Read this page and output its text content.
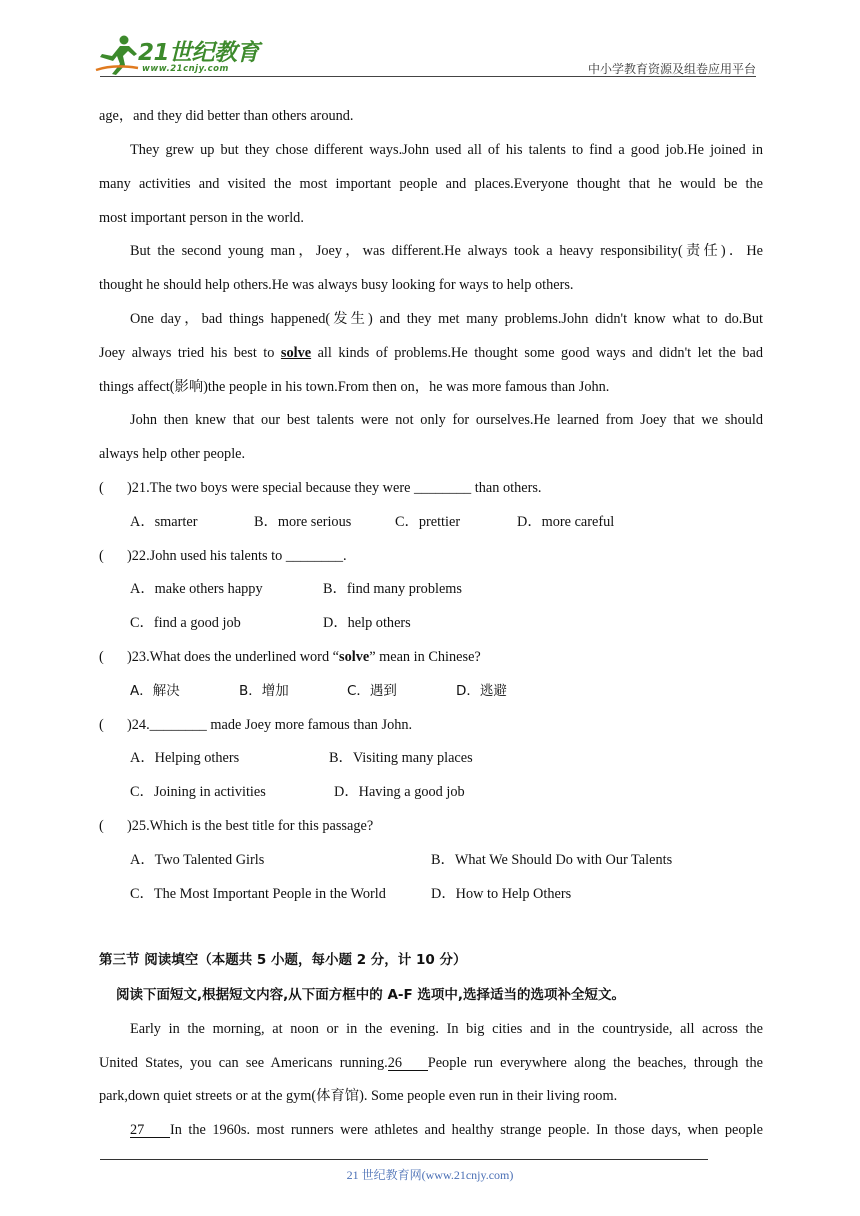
21世纪教育
www.21cnjy.com	中小学教育资源及组卷应用平台
age，and they did better than others around.
They grew up but they chose different ways.John used all of his talents to find a good job.He joined in
many activities and visited the most important people and places.Everyone thought that he would be the
most important person in the world.
But the second young man，Joey，was different.He always took a heavy responsibility(责任)．He
thought he should help others.He was always busy looking for ways to help others.
One day，bad things happened(发生) and they met many problems.John didn't know what to do.But
Joey always tried his best to solve all kinds of problems.He thought some good ways and didn't let the bad
things affect(影响)the people in his town.From then on，he was more famous than John.
John then knew that our best talents were not only for ourselves.He learned from Joey that we should
always help other people.
( )21.The two boys were special because they were ________ than others.
A．smarter	B．more serious	C．prettier	D．more careful
( )22.John used his talents to ________.
A．make others happy	B．find many problems
C．find a good job	D．help others
( )23.What does the underlined word “solve” mean in Chinese?
A．解决	B．增加	C．遇到	D．逃避
( )24.________ made Joey more famous than John.
A．Helping others	B．Visiting many places
C．Joining in activities	D．Having a good job
( )25.Which is the best title for this passage?
A．Two Talented Girls	B．What We Should Do with Our Talents
C．The Most Important People in the World	D．How to Help Others
第三节 阅读填空（本题共 5 小题，每小题 2 分，计 10 分）
阅读下面短文,根据短文内容,从下面方框中的 A-F 选项中,选择适当的选项补全短文。
Early in the morning, at noon or in the evening. In big cities and in the countryside, all across the
United States, you can see Americans running.26 People run everywhere along the beaches, through the
park,down quiet streets or at the gym(体育馆). Some people even run in their living room.
27 In the 1960s. most runners were athletes and healthy strange people. In those days, when people
21 世纪教育网(www.21cnjy.com)
